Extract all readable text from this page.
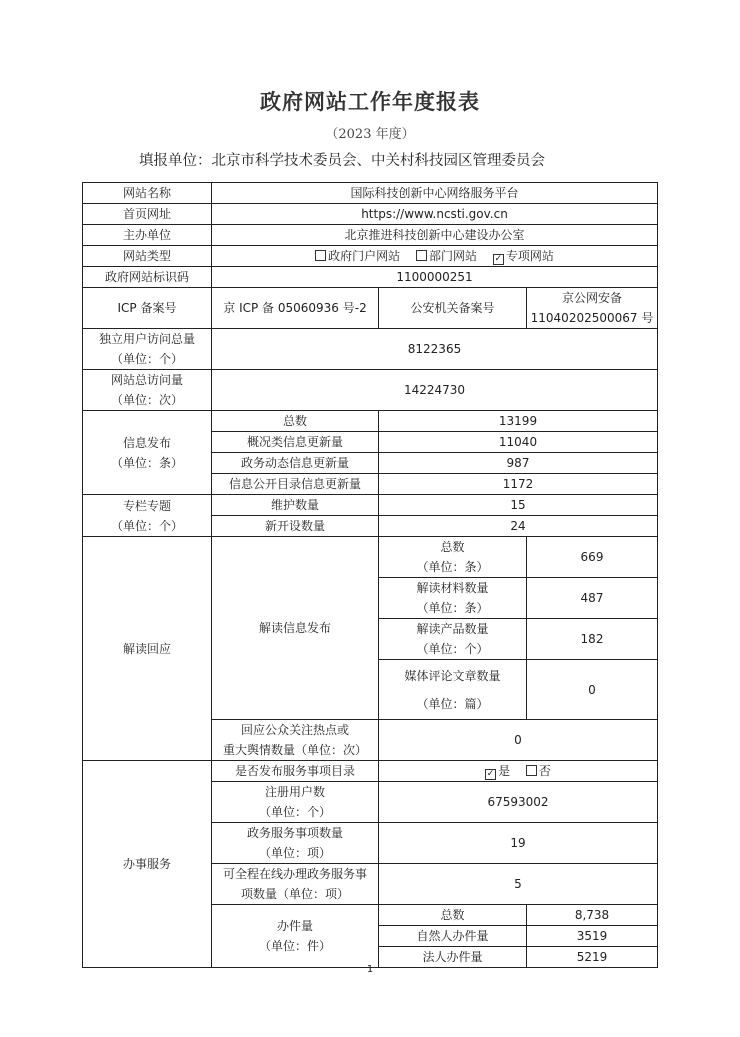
政府网站工作年度报表
（2023 年度）
填报单位：北京市科学技术委员会、中关村科技园区管理委员会
网站名称	国际科技创新中心网络服务平台		
首页网址	https://www.ncsti.gov.cn		
主办单位	北京推进科技创新中心建设办公室		
网站类型	政府门户网站 部门网站 ✓ 专项网站		
政府网站标识码	1100000251		
ICP 备案号	京 ICP 备 05060936 号-2	公安机关备案号	京公网安备
11040202500067 号

独立用户访问总量
（单位：个）	8122365		

网站总访问量
（单位：次）	14224730		

信息发布
（单位：条）	总数	13199	
	概况类信息更新量	11040	
	政务动态信息更新量	987	
	信息公开目录信息更新量	1172	

专栏专题
（单位：个）	维护数量	15	
	新开设数量	24	
解读回应	解读信息发布	总数
（单位：条）	669

		解读材料数量
（单位：条）	487

		解读产品数量
（单位：个）	182

		媒体评论文章数量
（单位：篇）	0

	回应公众关注热点或
重大舆情数量（单位：次）	0	
办事服务	是否发布服务事项目录	✓ 是 否	

	注册用户数
（单位：个）	67593002	

	政务服务事项数量
（单位：项）	19	

	可全程在线办理政务服务事
项数量（单位：项）	5	

	办件量
（单位：件）	总数	8,738
		自然人办件量	3519
		法人办件量	5219
1
